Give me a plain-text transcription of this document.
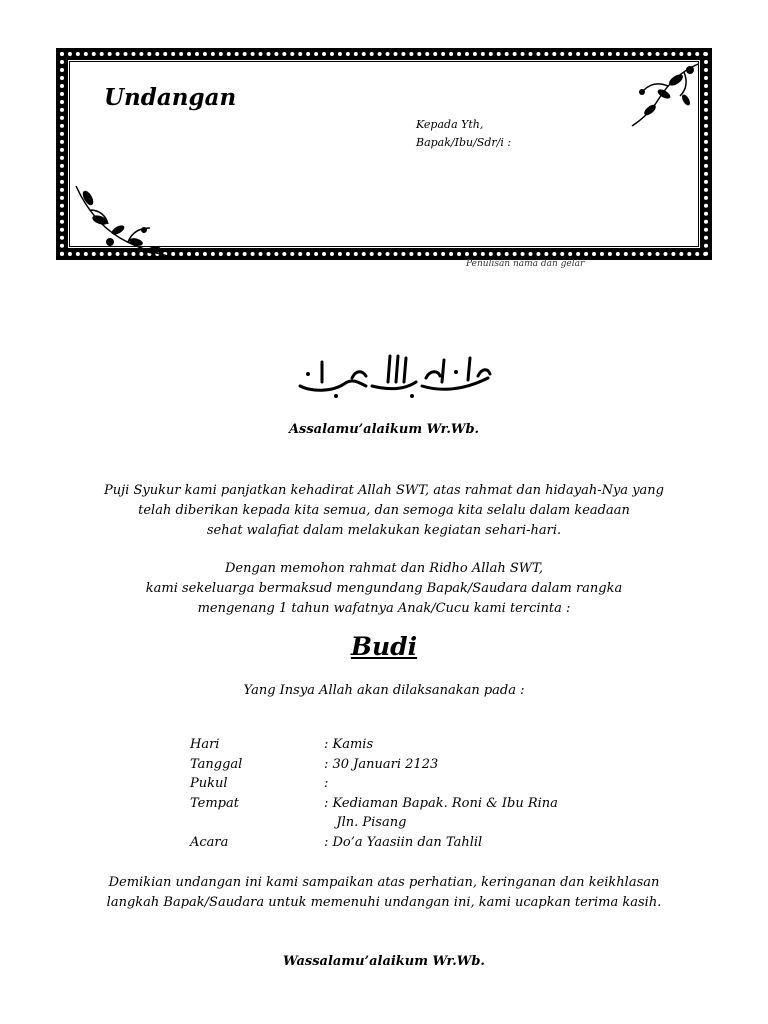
Undangan
Kepada Yth,
Bapak/Ibu/Sdr/i :
Penulisan nama dan gelar
Assalamu’alaikum Wr.Wb.
Puji Syukur kami panjatkan kehadirat Allah SWT, atas rahmat dan hidayah-Nya yang
telah diberikan kepada kita semua, dan semoga kita selalu dalam keadaan
sehat walafiat dalam melakukan kegiatan sehari-hari.
Dengan memohon rahmat dan Ridho Allah SWT,
kami sekeluarga bermaksud mengundang Bapak/Saudara dalam rangka
mengenang 1 tahun wafatnya Anak/Cucu kami tercinta :
Budi
Yang Insya Allah akan dilaksanakan pada :
Hari	: Kamis
Tanggal	: 30 Januari 2123
Pukul	:
Tempat	: Kediaman Bapak. Roni & Ibu Rina
Jln. Pisang
Acara	: Do’a Yaasiin dan Tahlil
Demikian undangan ini kami sampaikan atas perhatian, keringanan dan keikhlasan
langkah Bapak/Saudara untuk memenuhi undangan ini, kami ucapkan terima kasih.
Wassalamu’alaikum Wr.Wb.
